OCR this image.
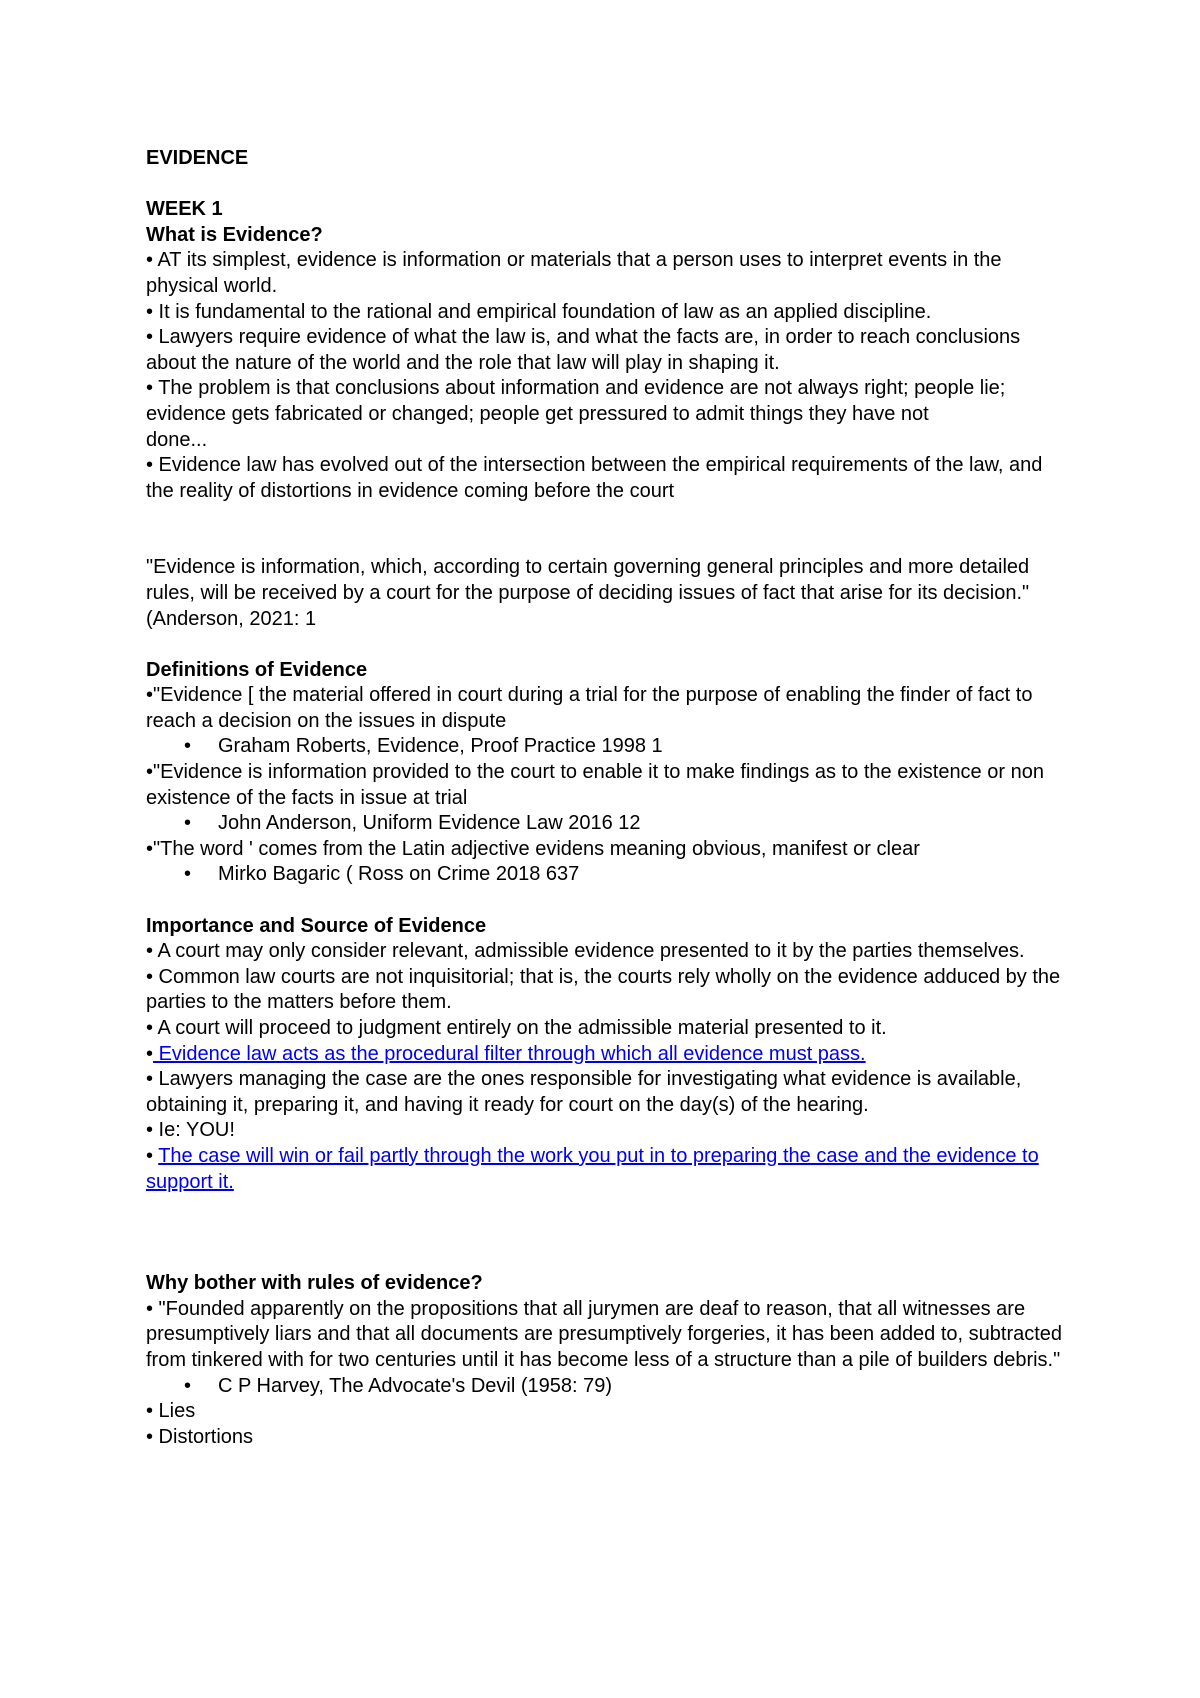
EVIDENCE

WEEK 1

What is Evidence?

• AT its simplest, evidence is information or materials that a person uses to interpret events in the physical world.

• It is fundamental to the rational and empirical foundation of law as an applied discipline.

• Lawyers require evidence of what the law is, and what the facts are, in order to reach conclusions about the nature of the world and the role that law will play in shaping it.

• The problem is that conclusions about information and evidence are not always right; people lie; evidence gets fabricated or changed; people get pressured to admit things they have not

done...

• Evidence law has evolved out of the intersection between the empirical requirements of the law, and the reality of distortions in evidence coming before the court

"Evidence is information, which, according to certain governing general principles and more detailed rules, will be received by a court for the purpose of deciding issues of fact that arise for its decision." (Anderson, 2021: 1

Definitions of Evidence

•"Evidence [ the material offered in court during a trial for the purpose of enabling the finder of fact to reach a decision on the issues in dispute

• Graham Roberts, Evidence, Proof Practice 1998 1

•"Evidence is information provided to the court to enable it to make findings as to the existence or non existence of the facts in issue at trial

• John Anderson, Uniform Evidence Law 2016 12

•"The word ' comes from the Latin adjective evidens meaning obvious, manifest or clear

• Mirko Bagaric ( Ross on Crime 2018 637

Importance and Source of Evidence

• A court may only consider relevant, admissible evidence presented to it by the parties themselves.

• Common law courts are not inquisitorial; that is, the courts rely wholly on the evidence adduced by the parties to the matters before them.

• A court will proceed to judgment entirely on the admissible material presented to it.

• Evidence law acts as the procedural filter through which all evidence must pass.

• Lawyers managing the case are the ones responsible for investigating what evidence is available, obtaining it, preparing it, and having it ready for court on the day(s) of the hearing.

• Ie: YOU!

• The case will win or fail partly through the work you put in to preparing the case and the evidence to support it.

Why bother with rules of evidence?

• "Founded apparently on the propositions that all jurymen are deaf to reason, that all witnesses are presumptively liars and that all documents are presumptively forgeries, it has been added to, subtracted from tinkered with for two centuries until it has become less of a structure than a pile of builders debris."

• C P Harvey, The Advocate's Devil (1958: 79)

• Lies

• Distortions
